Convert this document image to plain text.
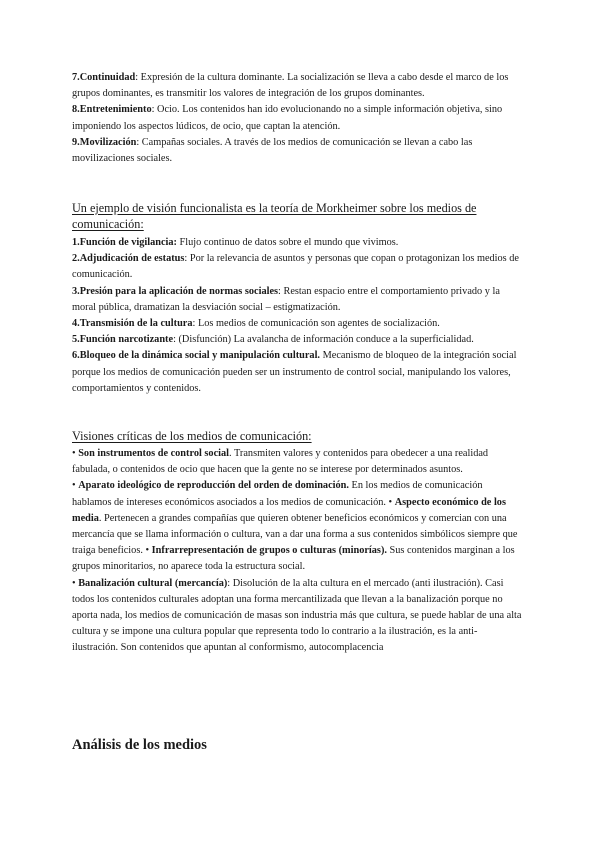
7.Continuidad: Expresión de la cultura dominante. La socialización se lleva a cabo desde el marco de los grupos dominantes, es transmitir los valores de integración de los grupos dominantes.

8.Entretenimiento: Ocio. Los contenidos han ido evolucionando no a simple información objetiva, sino imponiendo los aspectos lúdicos, de ocio, que captan la atención.

9.Movilización: Campañas sociales. A través de los medios de comunicación se llevan a cabo las movilizaciones sociales.

Un ejemplo de visión funcionalista es la teoría de Morkheimer sobre los medios de comunicación:

1.Función de vigilancia: Flujo continuo de datos sobre el mundo que vivimos.

2.Adjudicación de estatus: Por la relevancia de asuntos y personas que copan o protagonizan los medios de comunicación.

3.Presión para la aplicación de normas sociales: Restan espacio entre el comportamiento privado y la moral pública, dramatizan la desviación social – estigmatización.

4.Transmisión de la cultura: Los medios de comunicación son agentes de socialización.

5.Función narcotizante: (Disfunción) La avalancha de información conduce a la superficialidad.

6.Bloqueo de la dinámica social y manipulación cultural. Mecanismo de bloqueo de la integración social porque los medios de comunicación pueden ser un instrumento de control social, manipulando los valores, comportamientos y contenidos.

Visiones críticas de los medios de comunicación:

• Son instrumentos de control social. Transmiten valores y contenidos para obedecer a una realidad fabulada, o contenidos de ocio que hacen que la gente no se interese por determinados asuntos.

• Aparato ideológico de reproducción del orden de dominación. En los medios de comunicación hablamos de intereses económicos asociados a los medios de comunicación. • Aspecto económico de los media. Pertenecen a grandes compañías que quieren obtener beneficios económicos y comercian con una mercancía que se llama información o cultura, van a dar una forma a sus contenidos simbólicos siempre que traiga beneficios. • Infrarrepresentación de grupos o culturas (minorías). Sus contenidos marginan a los grupos minoritarios, no aparece toda la estructura social.

• Banalización cultural (mercancía): Disolución de la alta cultura en el mercado (anti ilustración). Casi todos los contenidos culturales adoptan una forma mercantilizada que llevan a la banalización porque no aporta nada, los medios de comunicación de masas son industria más que cultura, se puede hablar de una alta cultura y se impone una cultura popular que representa todo lo contrario a la ilustración, es la anti- ilustración. Son contenidos que apuntan al conformismo, autocomplacencia

Análisis de los medios
